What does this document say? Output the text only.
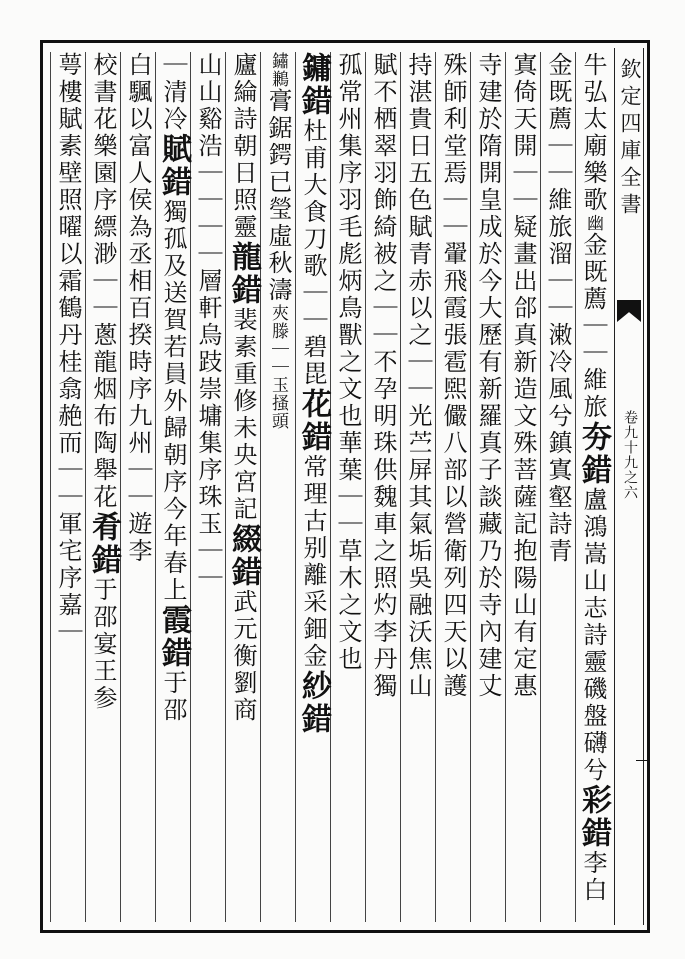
欽定四庫全書
卷九十九之六
牛弘太廟樂歌幽金既薦｜｜維旅夯錯盧鴻嵩山志詩靈磯盤礴兮彩錯李白
金既薦｜｜維旅溜｜｜潄冷風兮鎮寘壑詩青
寘倚天開｜｜疑畫出郃真新造文殊菩薩記抱陽山有定惠
寺建於隋開皇成於今大歷有新羅真子談藏乃於寺內建丈
殊師利堂焉｜｜翬飛霞張雹煕儼八部以營衛列四天以護
持湛貴日五色賦青赤以之｜｜光苎屏其氣垢吳融沃焦山
賦不栖翠羽飾綺被之｜｜不孕明珠供魏車之照灼李丹獨
孤常州集序羽毛彪炳鳥獸之文也華葉｜｜草木之文也
鏞錯杜甫大食刀歌｜｜碧毘花錯常理古别離采鈿金紗錯
鏽鶼膏鋸鍔已瑩虛秋濤夾滕｜｜玉搔頭
廬綸詩朝日照靈龍錯裴素重修未央宮記綴錯武元衡劉商
山山谿浩｜｜｜｜層軒烏跂崇墉集序珠玉｜｜
｜清冷賦錯獨孤及送賀若員外歸朝序今年春上霞錯于邵
白颿以富人侯為丞相百揆時序九州｜｜遊李
校書花樂園序縹渺｜｜蔥龍烟布陶舉花肴錯于邵宴王参
萼樓賦素壁照曜以霜鶴丹桂翕赩而｜｜軍宅序嘉｜
